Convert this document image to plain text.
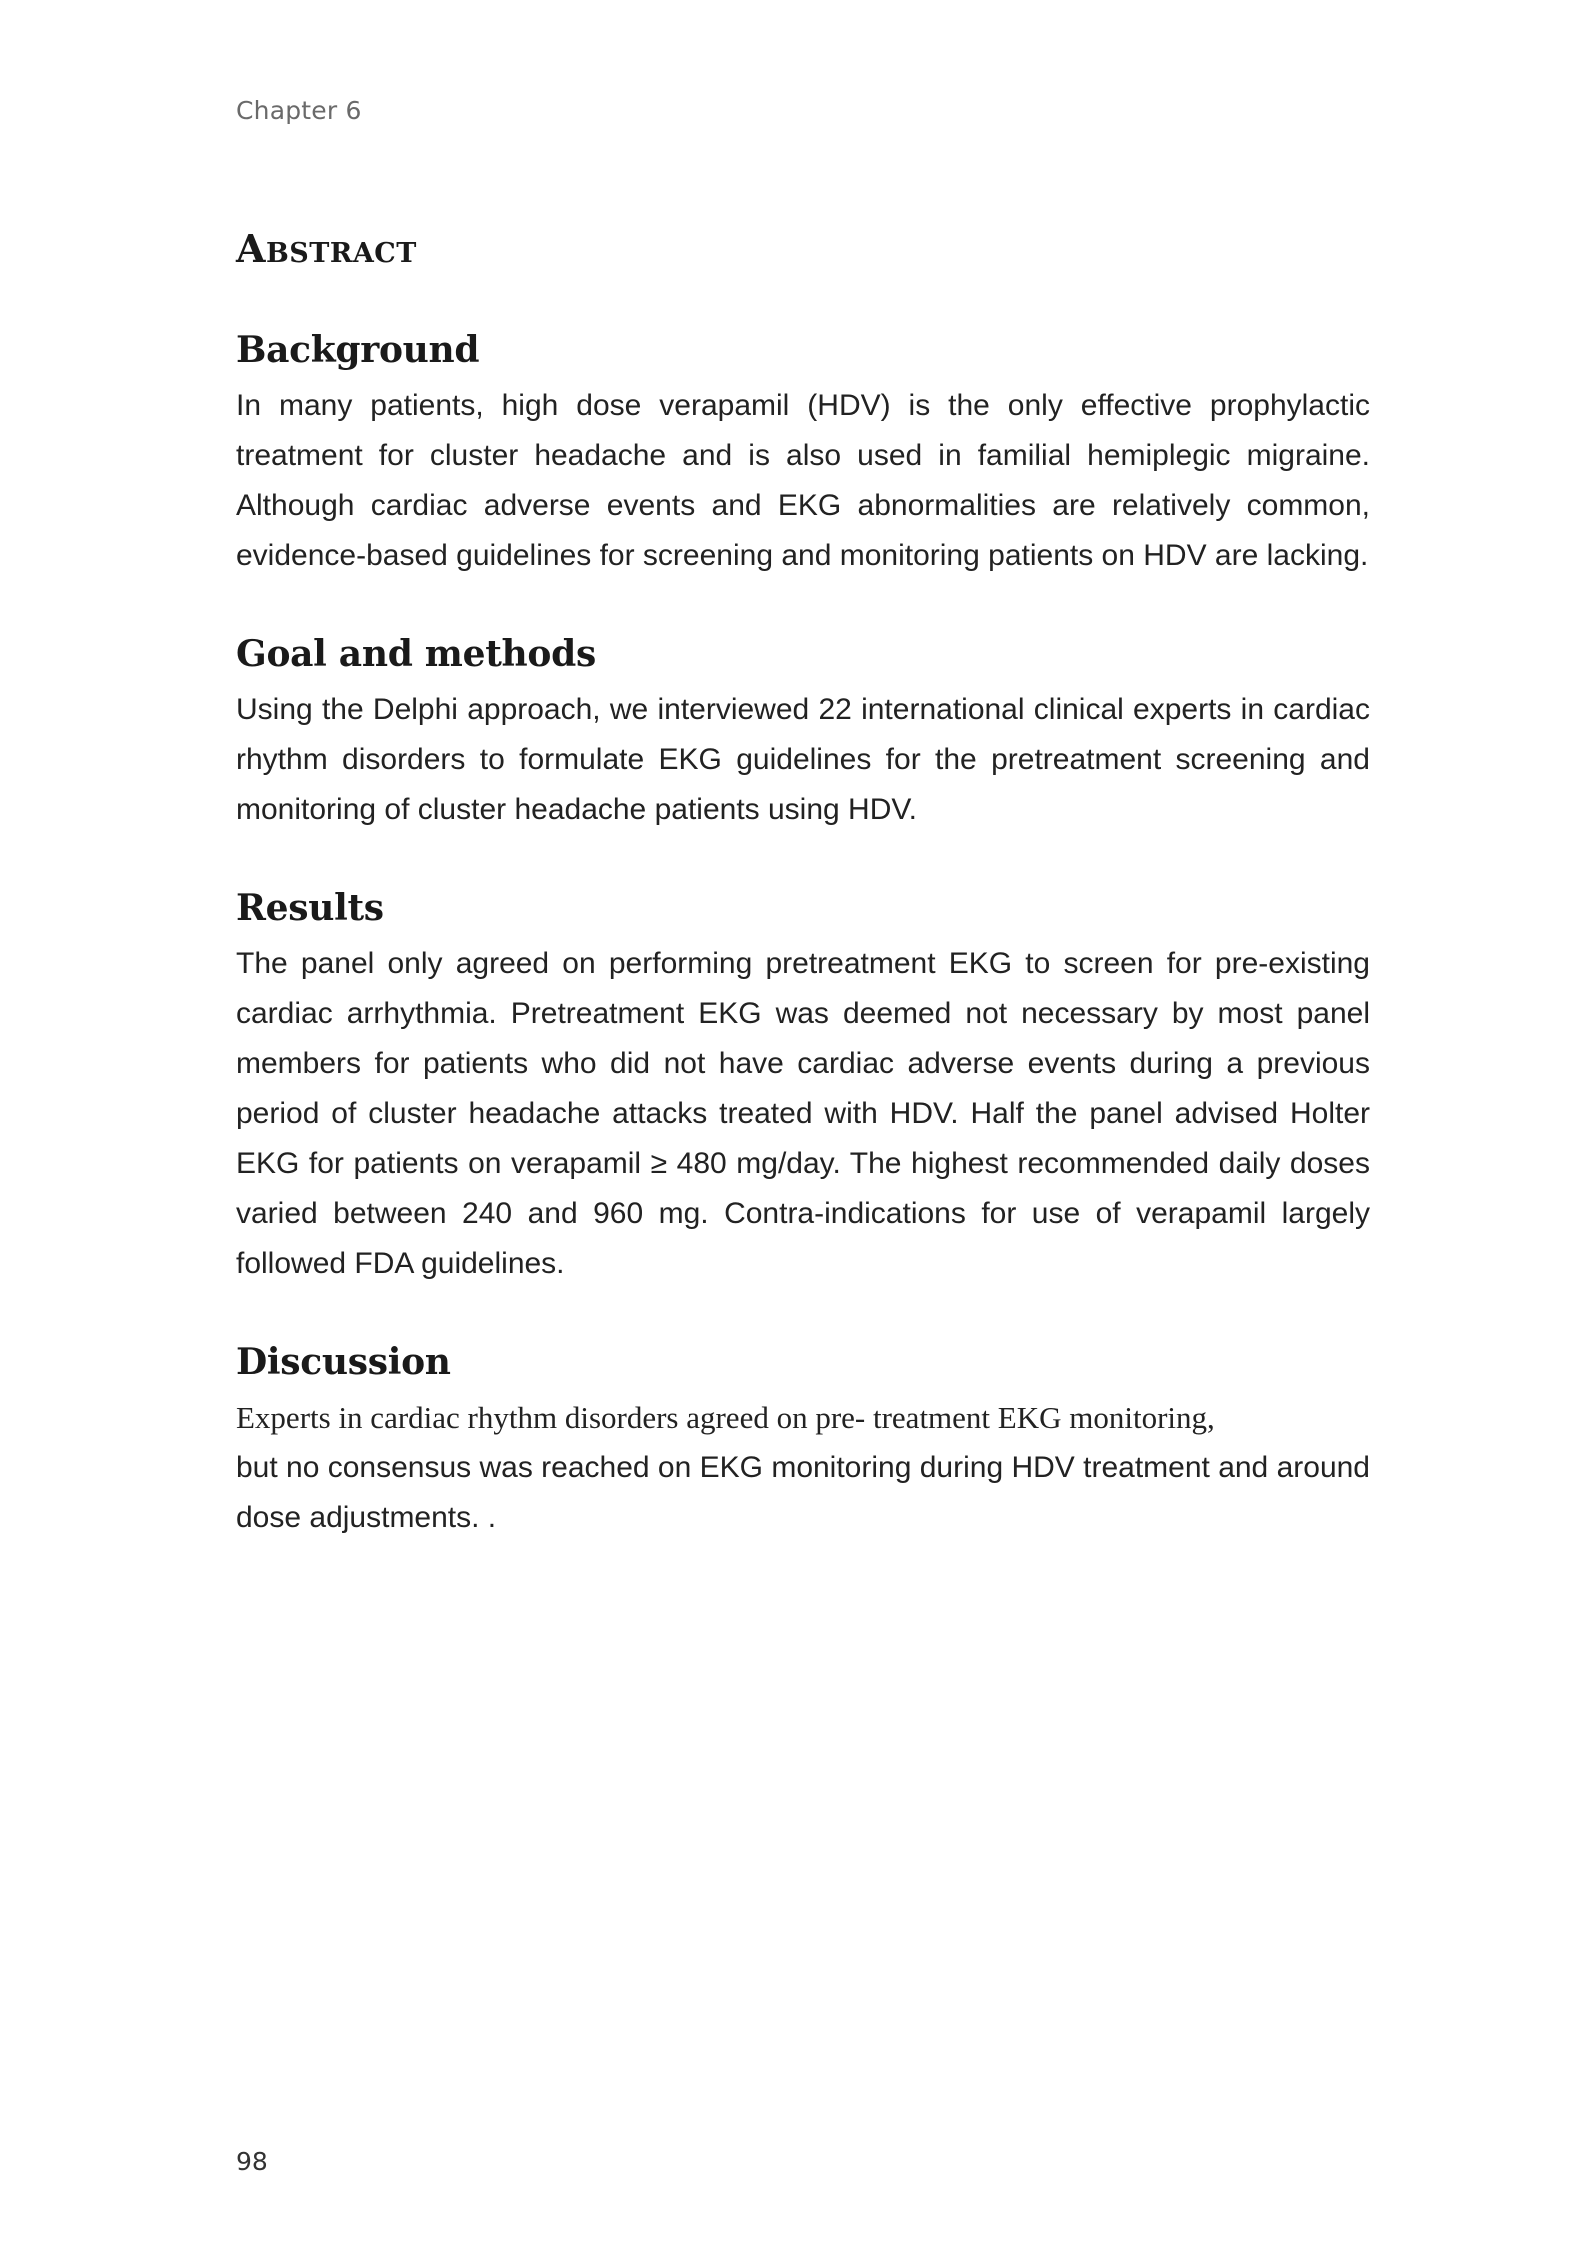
Chapter 6
Abstract
Background

In many patients, high dose verapamil (HDV) is the only effective prophylactic treatment for cluster headache and is also used in familial hemiplegic migraine. Although cardiac adverse events and EKG abnormalities are relatively common, evidence-based guidelines for screening and monitoring patients on HDV are lacking.

Goal and methods

Using the Delphi approach, we interviewed 22 international clinical experts in cardiac rhythm disorders to formulate EKG guidelines for the pretreatment screening and monitoring of cluster headache patients using HDV.

Results

The panel only agreed on performing pretreatment EKG to screen for pre-existing cardiac arrhythmia. Pretreatment EKG was deemed not necessary by most panel members for patients who did not have cardiac adverse events during a previous period of cluster headache attacks treated with HDV. Half the panel advised Holter EKG for patients on verapamil ≥ 480 mg/day. The highest recommended daily doses varied between 240 and 960 mg. Contra-indications for use of verapamil largely followed FDA guidelines.

Discussion

Experts in cardiac rhythm disorders agreed on pre- treatment EKG monitoring,

but no consensus was reached on EKG monitoring during HDV treatment and around dose adjustments. .

98
